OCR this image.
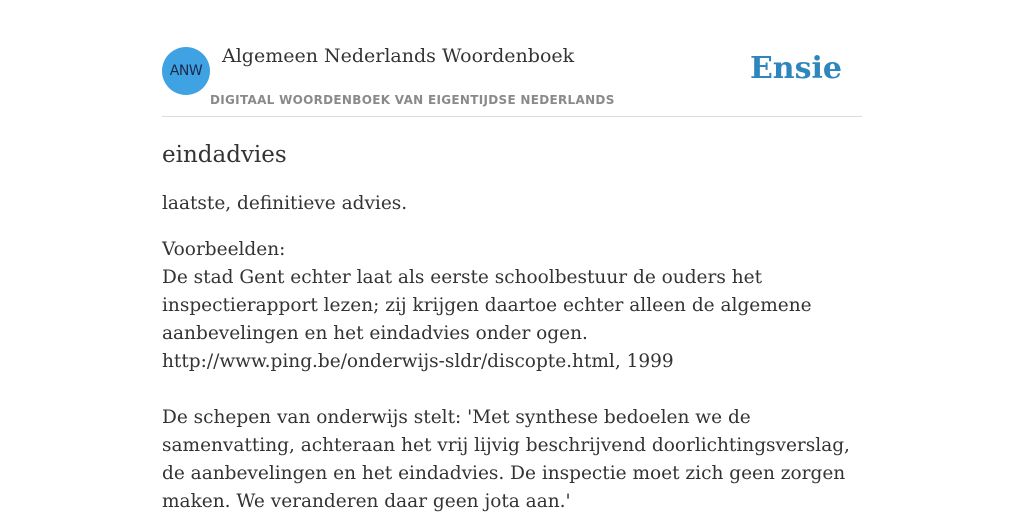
ANW
Algemeen Nederlands Woordenboek
DIGITAAL WOORDENBOEK VAN EIGENTIJDSE NEDERLANDS
Ensie
eindadvies

laatste, definitieve advies.

Voorbeelden:
De stad Gent echter laat als eerste schoolbestuur de ouders het inspectierapport lezen; zij krijgen daartoe echter alleen de algemene aanbevelingen en het eindadvies onder ogen.
http://www.ping.be/onderwijs-sldr/discopte.html, 1999
De schepen van onderwijs stelt: 'Met synthese bedoelen we de samenvatting, achteraan het vrij lijvig beschrijvend doorlichtingsverslag, de aanbevelingen en het eindadvies. De inspectie moet zich geen zorgen maken. We veranderen daar geen jota aan.'
